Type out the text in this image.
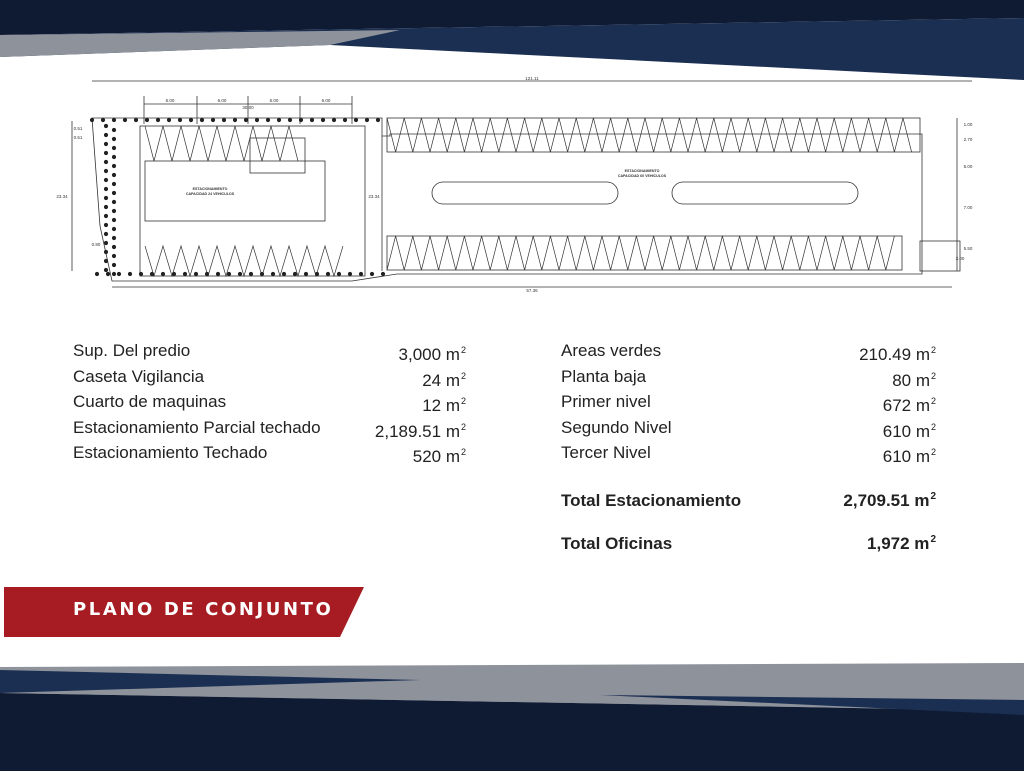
121.11
57.36
23.34	23.34
30.00
6.00	6.00	6.00	6.00
0.51
0.51
0.80
1.00
2.70
5.00
7.00
5.50
3.00
ESTACIONAMIENTO
CAPACIDAD 24 VEHICULOS
ESTACIONAMIENTO
CAPACIDAD 60 VEHICULOS
Sup. Del predio	3,000 $m^2$
Caseta Vigilancia	24 $m^2$
Cuarto de maquinas	12 $m^2$
Estacionamiento Parcial techado	2,189.51 $m^2$
Estacionamiento Techado	520 $m^2$
Areas verdes	210.49 $m^2$
Planta baja	80 $m^2$
Primer nivel	672 $m^2$
Segundo Nivel	610 $m^2$
Tercer Nivel	610 $m^2$
Total Estacionamiento	2,709.51 $m^2$
Total Oficinas	1,972 $m^2$
PLANO DE CONJUNTO
